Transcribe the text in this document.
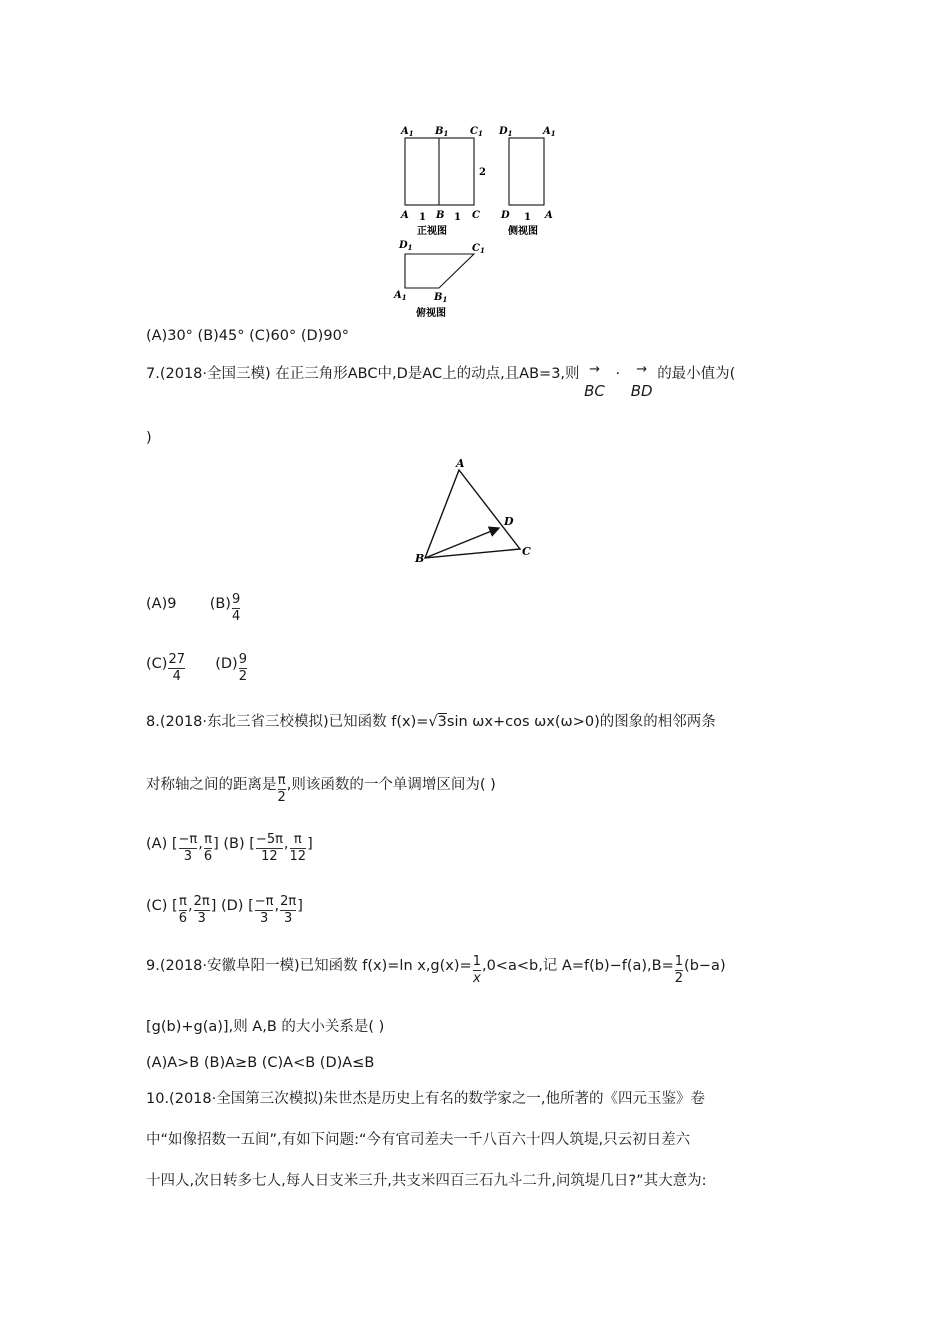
$A_1$ $B_1$ $C_1$
A	B	C
1	1
2
正视图
$D_1$	$A_1$
D 1 A
侧视图
$D_1$	$C_1$
$A_1$	$B_1$
俯视图
(A)30° (B)45° (C)60° (D)90°
7.(2018·全国三模) 在正三角形ABC中,D是AC上的动点,且AB=3,则 →
BC
·	→
BD
的最小值为(
)
A
D
B
C
(A)9 $(B) \frac{9}{4}$
$(C) \frac{27}{4} (D) \frac{9}{2}$
8.(2018·东北三省三校模拟)已知函数 f(x)=√3sin ωx+cos ωx(ω>0)的图象的相邻两条
对称轴之间的距离是 $\frac{\pi}{2}$ ,则该函数的一个单调增区间为( )
(A) [ $\frac{-\pi}{3}$ , $\frac{\pi}{6}$ ] (B) [ $\frac{-5\pi}{12}$ , $\frac{\pi}{12}$ ]
(C) [ $\frac{\pi}{6}$ , $\frac{2\pi}{3}$ ] (D) [ $\frac{-\pi}{3}$ , $\frac{2\pi}{3}$ ]
9.(2018·安徽阜阳一模)已知函数 f(x)=ln $x,g(x)= \frac{1}{x} ,0<a<b$,记 $A=f(b)-f(a),B= \frac{1}{2} (b-a)$
[g(b)+g(a)],则 A,B 的大小关系是( )
(A)A>B (B)A≥B (C)A<B (D)A≤B
10.(2018·全国第三次模拟)朱世杰是历史上有名的数学家之一,他所著的《四元玉鉴》卷
中“如像招数一五间”,有如下问题:“今有官司差夫一千八百六十四人筑堤,只云初日差六
十四人,次日转多七人,每人日支米三升,共支米四百三石九斗二升,问筑堤几日?”其大意为:
